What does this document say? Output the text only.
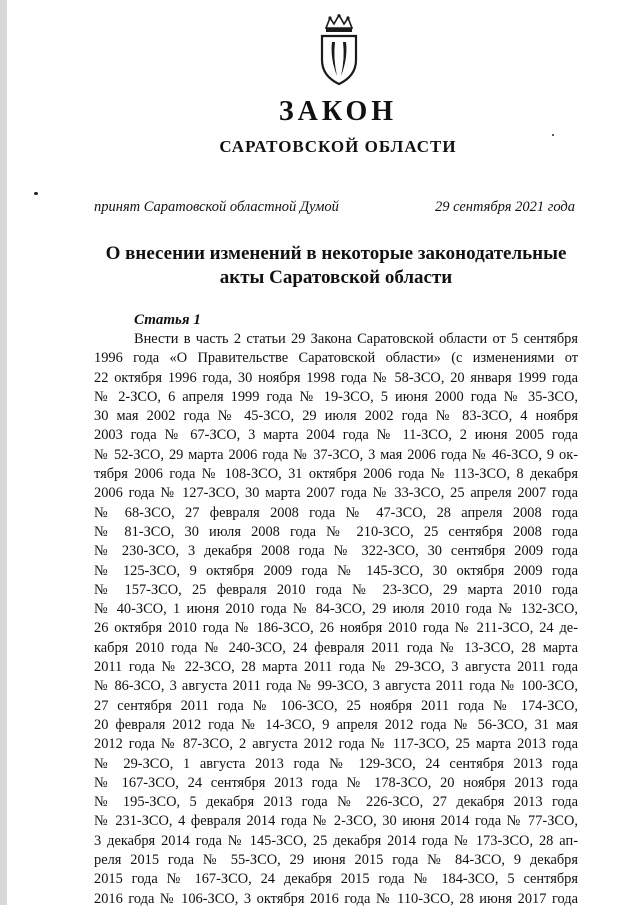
ЗАКОН
САРАТОВСКОЙ ОБЛАСТИ
принят Саратовской областной Думой	29 сентября 2021 года
О внесении изменений в некоторые законодательные
акты Саратовской области
Статья 1
Внести в часть 2 статьи 29 Закона Саратовской области от 5 сентября
1996 года «О Правительстве Саратовской области» (с изменениями от
22 октября 1996 года, 30 ноября 1998 года № 58-ЗСО, 20 января 1999 года
№ 2-ЗСО, 6 апреля 1999 года № 19-ЗСО, 5 июня 2000 года № 35-ЗСО,
30 мая 2002 года № 45-ЗСО, 29 июля 2002 года № 83-ЗСО, 4 ноября
2003 года № 67-ЗСО, 3 марта 2004 года № 11-ЗСО, 2 июня 2005 года
№ 52-ЗСО, 29 марта 2006 года № 37-ЗСО, 3 мая 2006 года № 46-ЗСО, 9 ок-
тября 2006 года № 108-ЗСО, 31 октября 2006 года № 113-ЗСО, 8 декабря
2006 года № 127-ЗСО, 30 марта 2007 года № 33-ЗСО, 25 апреля 2007 года
№ 68-ЗСО, 27 февраля 2008 года № 47-ЗСО, 28 апреля 2008 года
№ 81-ЗСО, 30 июля 2008 года № 210-ЗСО, 25 сентября 2008 года
№ 230-ЗСО, 3 декабря 2008 года № 322-ЗСО, 30 сентября 2009 года
№ 125-ЗСО, 9 октября 2009 года № 145-ЗСО, 30 октября 2009 года
№ 157-ЗСО, 25 февраля 2010 года № 23-ЗСО, 29 марта 2010 года
№ 40-ЗСО, 1 июня 2010 года № 84-ЗСО, 29 июля 2010 года № 132-ЗСО,
26 октября 2010 года № 186-ЗСО, 26 ноября 2010 года № 211-ЗСО, 24 де-
кабря 2010 года № 240-ЗСО, 24 февраля 2011 года № 13-ЗСО, 28 марта
2011 года № 22-ЗСО, 28 марта 2011 года № 29-ЗСО, 3 августа 2011 года
№ 86-ЗСО, 3 августа 2011 года № 99-ЗСО, 3 августа 2011 года № 100-ЗСО,
27 сентября 2011 года № 106-ЗСО, 25 ноября 2011 года № 174-ЗСО,
20 февраля 2012 года № 14-ЗСО, 9 апреля 2012 года № 56-ЗСО, 31 мая
2012 года № 87-ЗСО, 2 августа 2012 года № 117-ЗСО, 25 марта 2013 года
№ 29-ЗСО, 1 августа 2013 года № 129-ЗСО, 24 сентября 2013 года
№ 167-ЗСО, 24 сентября 2013 года № 178-ЗСО, 20 ноября 2013 года
№ 195-ЗСО, 5 декабря 2013 года № 226-ЗСО, 27 декабря 2013 года
№ 231-ЗСО, 4 февраля 2014 года № 2-ЗСО, 30 июня 2014 года № 77-ЗСО,
3 декабря 2014 года № 145-ЗСО, 25 декабря 2014 года № 173-ЗСО, 28 ап-
реля 2015 года № 55-ЗСО, 29 июня 2015 года № 84-ЗСО, 9 декабря
2015 года № 167-ЗСО, 24 декабря 2015 года № 184-ЗСО, 5 сентября
2016 года № 106-ЗСО, 3 октября 2016 года № 110-ЗСО, 28 июня 2017 года
